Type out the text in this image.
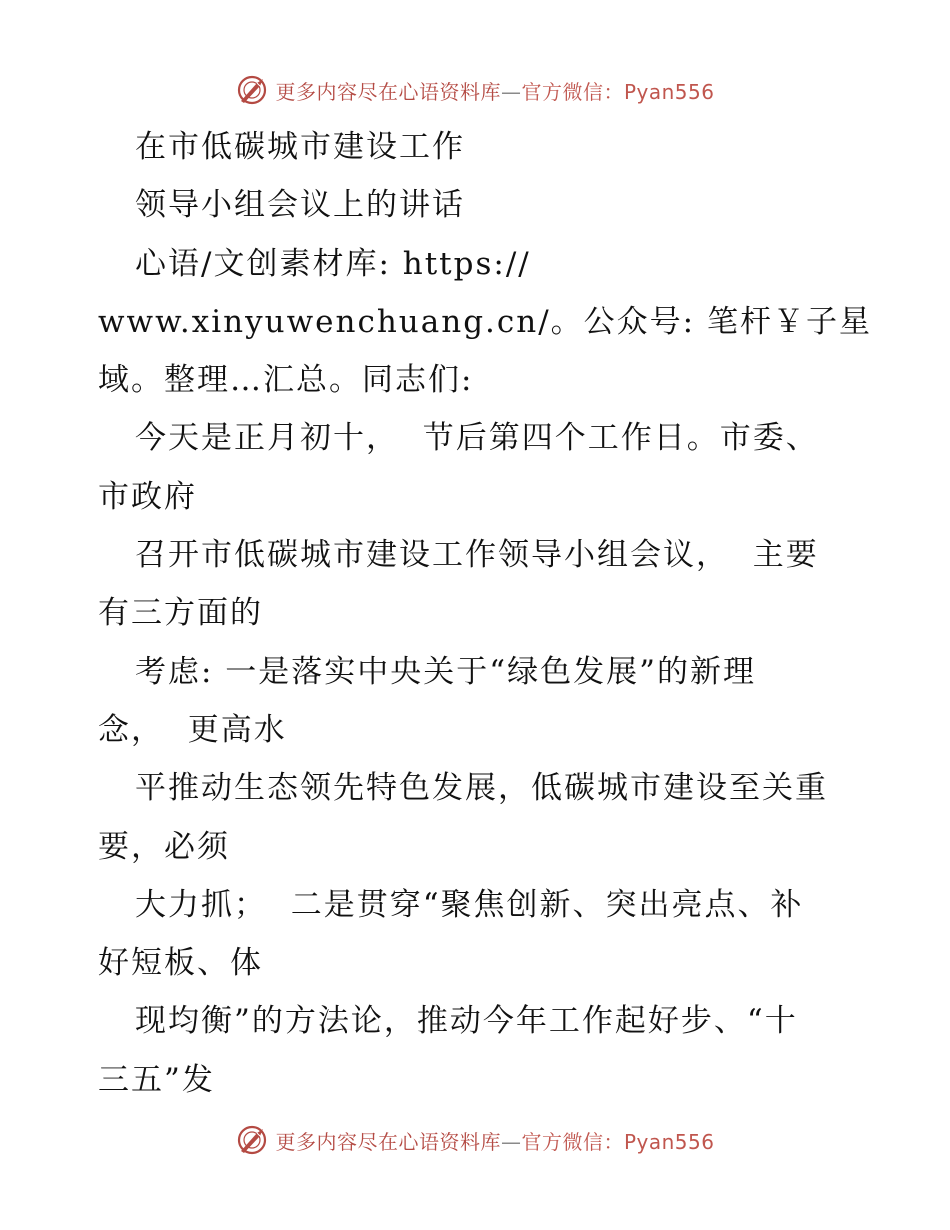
更多内容尽在心语资料库—官方微信：Pyan556
在市低碳城市建设工作
领导小组会议上的讲话
心语/文创素材库: https://
www.xinyuwenchuang.cn/。公众号: 笔杆￥子星
域。整理…汇总。同志们:
今天是正月初十，  节后第四个工作日。市委、
市政府
召开市低碳城市建设工作领导小组会议，  主要
有三方面的
考虑: 一是落实中央关于“绿色发展”的新理
念，  更高水
平推动生态领先特色发展，低碳城市建设至关重
要，必须
大力抓；  二是贯穿“聚焦创新、突出亮点、补
好短板、体
现均衡”的方法论，推动今年工作起好步、“十
三五”发
更多内容尽在心语资料库—官方微信：Pyan556
